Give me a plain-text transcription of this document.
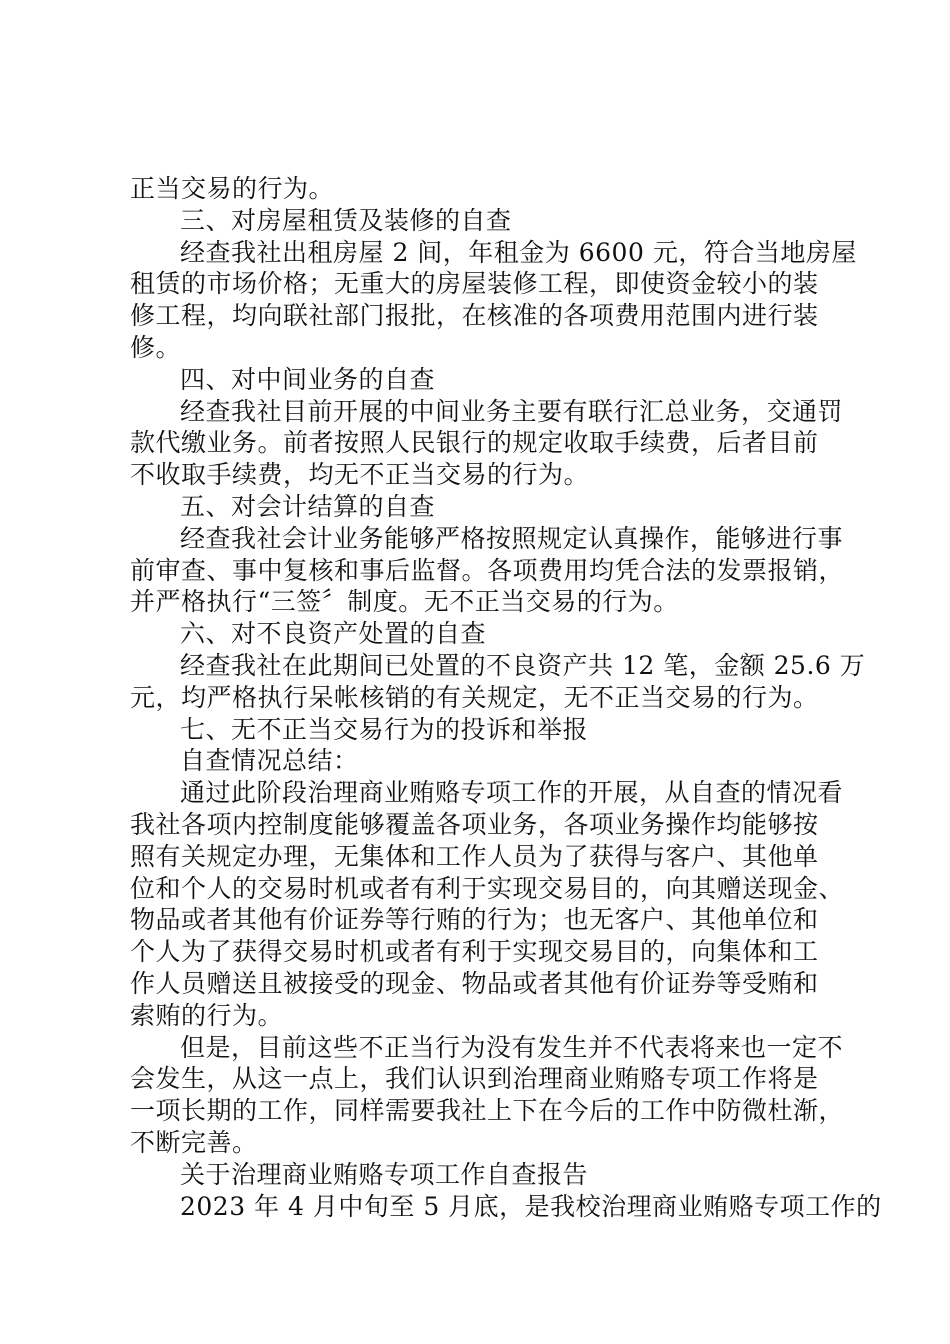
正当交易的行为。
三、对房屋租赁及装修的自查
经查我社出租房屋 2 间，年租金为 6600 元，符合当地房屋
租赁的市场价格；无重大的房屋装修工程，即使资金较小的装
修工程，均向联社部门报批，在核准的各项费用范围内进行装
修。
四、对中间业务的自查
经查我社目前开展的中间业务主要有联行汇总业务，交通罚
款代缴业务。前者按照人民银行的规定收取手续费，后者目前
不收取手续费，均无不正当交易的行为。
五、对会计结算的自查
经查我社会计业务能够严格按照规定认真操作，能够进行事
前审查、事中复核和事后监督。各项费用均凭合法的发票报销，
并严格执行“三签〞制度。无不正当交易的行为。
六、对不良资产处置的自查
经查我社在此期间已处置的不良资产共 12 笔，金额 25.6 万
元，均严格执行呆帐核销的有关规定，无不正当交易的行为。
七、无不正当交易行为的投诉和举报
自查情况总结：
通过此阶段治理商业贿赂专项工作的开展，从自查的情况看
我社各项内控制度能够覆盖各项业务，各项业务操作均能够按
照有关规定办理，无集体和工作人员为了获得与客户、其他单
位和个人的交易时机或者有利于实现交易目的，向其赠送现金、
物品或者其他有价证券等行贿的行为；也无客户、其他单位和
个人为了获得交易时机或者有利于实现交易目的，向集体和工
作人员赠送且被接受的现金、物品或者其他有价证券等受贿和
索贿的行为。
但是，目前这些不正当行为没有发生并不代表将来也一定不
会发生，从这一点上，我们认识到治理商业贿赂专项工作将是
一项长期的工作，同样需要我社上下在今后的工作中防微杜渐，
不断完善。
关于治理商业贿赂专项工作自查报告
2023 年 4 月中旬至 5 月底，是我校治理商业贿赂专项工作的
